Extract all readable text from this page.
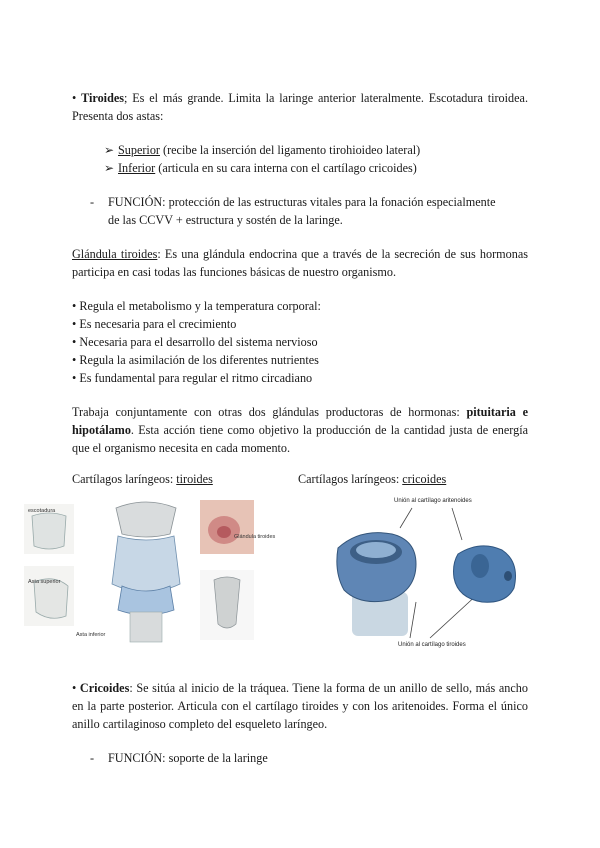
• Tiroides; Es el más grande. Limita la laringe anterior lateralmente. Escotadura tiroidea. Presenta dos astas:
➢ Superior (recibe la inserción del ligamento tirohioideo lateral)
➢ Inferior (articula en su cara interna con el cartílago cricoides)
- FUNCIÓN: protección de las estructuras vitales para la fonación especialmente
de las CCVV + estructura y sostén de la laringe.
Glándula tiroides: Es una glándula endocrina que a través de la secreción de sus hormonas participa en casi todas las funciones básicas de nuestro organismo.
• Regula el metabolismo y la temperatura corporal:
• Es necesaria para el crecimiento
• Necesaria para el desarrollo del sistema nervioso
• Regula la asimilación de los diferentes nutrientes
• Es fundamental para regular el ritmo circadiano
Trabaja conjuntamente con otras dos glándulas productoras de hormonas: pituitaria e hipotálamo. Esta acción tiene como objetivo la producción de la cantidad justa de energía que el organismo necesita en cada momento.
Cartílagos laríngeos: tiroides	Cartílagos laríngeos: cricoides
escotadura
Asta superior
Glándula tiroides
Asta inferior
Unión al cartílago aritenoides
Unión al cartílago tiroides
• Cricoides: Se sitúa al inicio de la tráquea. Tiene la forma de un anillo de sello, más ancho en la parte posterior. Articula con el cartílago tiroides y con los aritenoides. Forma el único anillo cartilaginoso completo del esqueleto laríngeo.
- FUNCIÓN: soporte de la laringe
